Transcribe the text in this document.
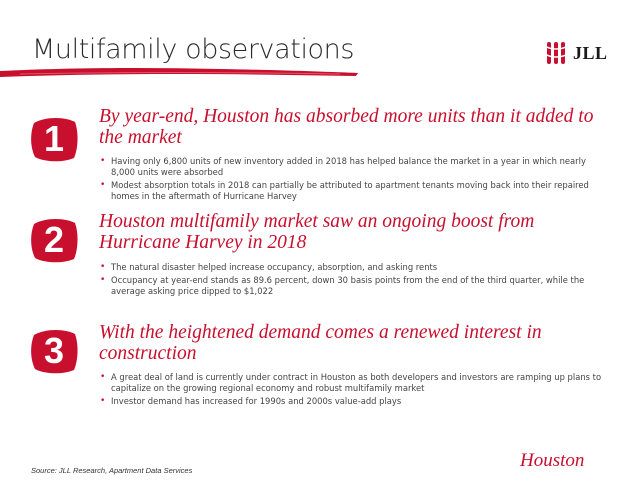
Multifamily observations	JLL
1
By year-end, Houston has absorbed more units than it added to the market
• Having only 6,800 units of new inventory added in 2018 has helped balance the market in a year in which nearly 8,000 units were absorbed
• Modest absorption totals in 2018 can partially be attributed to apartment tenants moving back into their repaired homes in the aftermath of Hurricane Harvey
2	Houston multifamily market saw an ongoing boost from Hurricane Harvey in 2018
• The natural disaster helped increase occupancy, absorption, and asking rents
• Occupancy at year-end stands as 89.6 percent, down 30 basis points from the end of the third quarter, while the average asking price dipped to $1,022
3	With the heightened demand comes a renewed interest in construction
• A great deal of land is currently under contract in Houston as both developers and investors are ramping up plans to capitalize on the growing regional economy and robust multifamily market
• Investor demand has increased for 1990s and 2000s value-add plays
Source: JLL Research, Apartment Data Services	Houston
